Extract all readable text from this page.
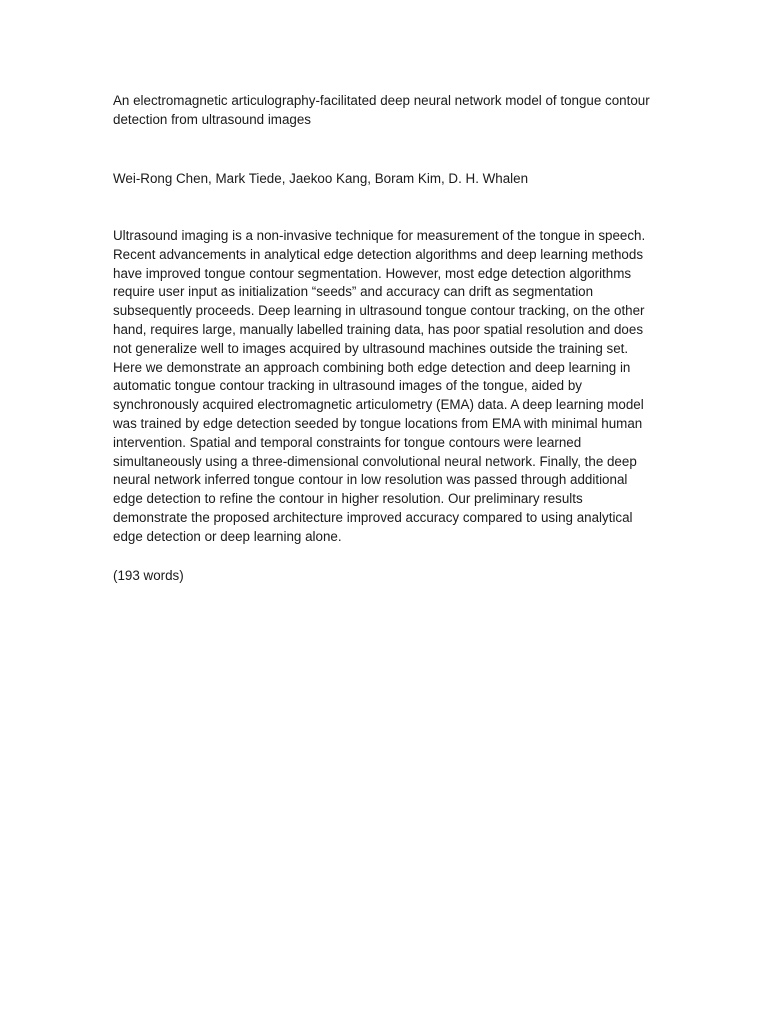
An electromagnetic articulography-facilitated deep neural network model of tongue contour detection from ultrasound images

Wei-Rong Chen, Mark Tiede, Jaekoo Kang, Boram Kim, D. H. Whalen

Ultrasound imaging is a non-invasive technique for measurement of the tongue in speech. Recent advancements in analytical edge detection algorithms and deep learning methods have improved tongue contour segmentation. However, most edge detection algorithms require user input as initialization “seeds” and accuracy can drift as segmentation subsequently proceeds. Deep learning in ultrasound tongue contour tracking, on the other hand, requires large, manually labelled training data, has poor spatial resolution and does not generalize well to images acquired by ultrasound machines outside the training set. Here we demonstrate an approach combining both edge detection and deep learning in automatic tongue contour tracking in ultrasound images of the tongue, aided by synchronously acquired electromagnetic articulometry (EMA) data. A deep learning model was trained by edge detection seeded by tongue locations from EMA with minimal human intervention. Spatial and temporal constraints for tongue contours were learned simultaneously using a three-dimensional convolutional neural network. Finally, the deep neural network inferred tongue contour in low resolution was passed through additional edge detection to refine the contour in higher resolution. Our preliminary results demonstrate the proposed architecture improved accuracy compared to using analytical edge detection or deep learning alone.

(193 words)
